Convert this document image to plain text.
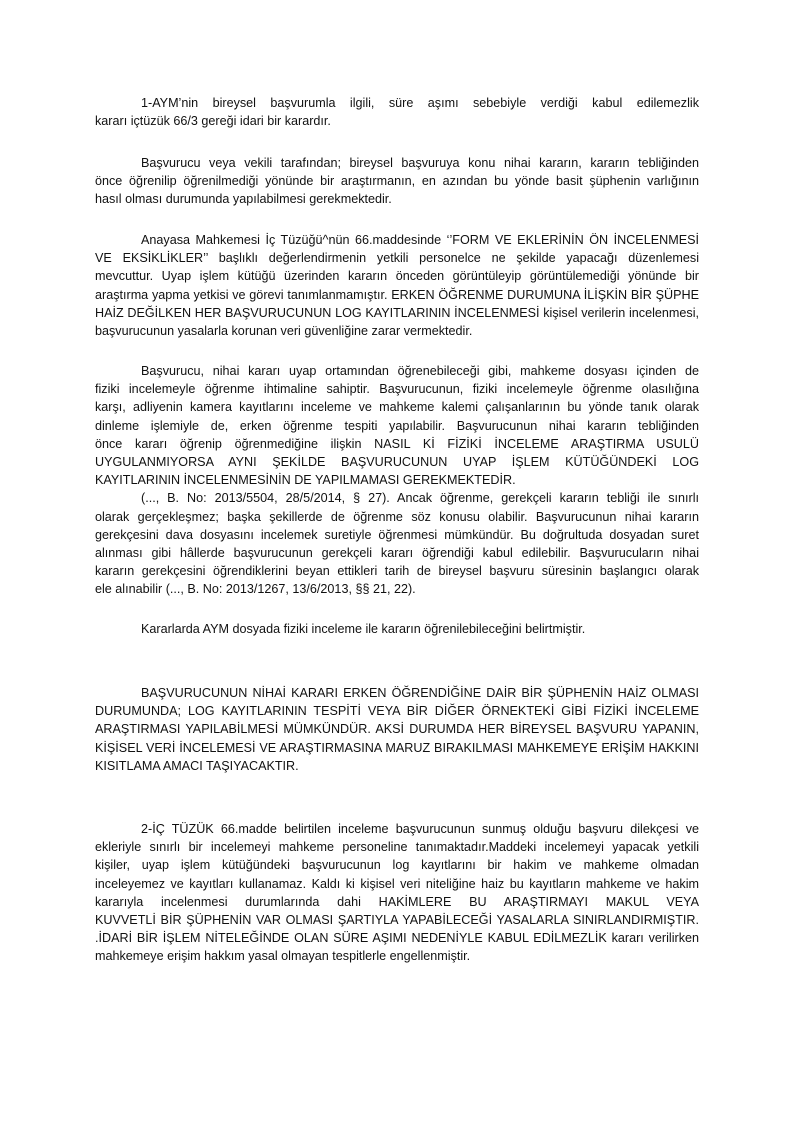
1-AYM’nin bireysel başvurumla ilgili, süre aşımı sebebiyle verdiği kabul edilemezlik
kararı içtüzük 66/3 gereği idari bir karardır.
Başvurucu veya vekili tarafından; bireysel başvuruya konu nihai kararın, kararın tebliğinden
önce öğrenilip öğrenilmediği yönünde bir araştırmanın, en azından bu yönde basit şüphenin varlığının
hasıl olması durumunda yapılabilmesi gerekmektedir.
Anayasa Mahkemesi İç Tüzüğü^nün 66.maddesinde ‘’FORM VE EKLERİNİN ÖN İNCELENMESİ
VE EKSİKLİKLER’’ başlıklı değerlendirmenin yetkili personelce ne şekilde yapacağı düzenlemesi
mevcuttur. Uyap işlem kütüğü üzerinden kararın önceden görüntüleyip görüntülemediği yönünde bir
araştırma yapma yetkisi ve görevi tanımlanmamıştır. ERKEN ÖĞRENME DURUMUNA İLİŞKİN BİR ŞÜPHE
HAİZ DEĞİLKEN HER BAŞVURUCUNUN LOG KAYITLARININ İNCELENMESİ kişisel verilerin incelenmesi,
başvurucunun yasalarla korunan veri güvenliğine zarar vermektedir.
Başvurucu, nihai kararı uyap ortamından öğrenebileceği gibi, mahkeme dosyası içinden de
fiziki incelemeyle öğrenme ihtimaline sahiptir. Başvurucunun, fiziki incelemeyle öğrenme olasılığına
karşı, adliyenin kamera kayıtlarını inceleme ve mahkeme kalemi çalışanlarının bu yönde tanık olarak
dinleme işlemiyle de, erken öğrenme tespiti yapılabilir. Başvurucunun nihai kararın tebliğinden
önce kararı öğrenip öğrenmediğine ilişkin NASIL Kİ FİZİKİ İNCELEME ARAŞTIRMA USULÜ
UYGULANMIYORSA AYNI ŞEKİLDE BAŞVURUCUNUN UYAP İŞLEM KÜTÜĞÜNDEKİ LOG
KAYITLARININ İNCELENMESİNİN DE YAPILMAMASI GEREKMEKTEDİR.
(..., B. No: 2013/5504, 28/5/2014, § 27). Ancak öğrenme, gerekçeli kararın tebliği ile sınırlı
olarak gerçekleşmez; başka şekillerde de öğrenme söz konusu olabilir. Başvurucunun nihai kararın
gerekçesini dava dosyasını incelemek suretiyle öğrenmesi mümkündür. Bu doğrultuda dosyadan suret
alınması gibi hâllerde başvurucunun gerekçeli kararı öğrendiği kabul edilebilir. Başvurucuların nihai
kararın gerekçesini öğrendiklerini beyan ettikleri tarih de bireysel başvuru süresinin başlangıcı olarak
ele alınabilir (..., B. No: 2013/1267, 13/6/2013, §§ 21, 22).
Kararlarda AYM dosyada fiziki inceleme ile kararın öğrenilebileceğini belirtmiştir.
BAŞVURUCUNUN NİHAİ KARARI ERKEN ÖĞRENDİĞİNE DAİR BİR ŞÜPHENİN HAİZ OLMASI
DURUMUNDA; LOG KAYITLARININ TESPİTİ VEYA BİR DİĞER ÖRNEKTEKİ GİBİ FİZİKİ İNCELEME
ARAŞTIRMASI YAPILABİLMESİ MÜMKÜNDÜR. AKSİ DURUMDA HER BİREYSEL BAŞVURU YAPANIN,
KİŞİSEL VERİ İNCELEMESİ VE ARAŞTIRMASINA MARUZ BIRAKILMASI MAHKEMEYE ERİŞİM HAKKINI
KISITLAMA AMACI TAŞIYACAKTIR.
2-İÇ TÜZÜK 66.madde belirtilen inceleme başvurucunun sunmuş olduğu başvuru dilekçesi ve
ekleriyle sınırlı bir incelemeyi mahkeme personeline tanımaktadır.Maddeki incelemeyi yapacak yetkili
kişiler, uyap işlem kütüğündeki başvurucunun log kayıtlarını bir hakim ve mahkeme olmadan
inceleyemez ve kayıtları kullanamaz. Kaldı ki kişisel veri niteliğine haiz bu kayıtların mahkeme ve hakim
kararıyla incelenmesi durumlarında dahi HAKİMLERE BU ARAŞTIRMAYI MAKUL VEYA
KUVVETLİ BİR ŞÜPHENİN VAR OLMASI ŞARTIYLA YAPABİLECEĞİ YASALARLA SINIRLANDIRMIŞTIR.
.İDARİ BİR İŞLEM NİTELEĞİNDE OLAN SÜRE AŞIMI NEDENİYLE KABUL EDİLMEZLİK kararı verilirken
mahkemeye erişim hakkım yasal olmayan tespitlerle engellenmiştir.
